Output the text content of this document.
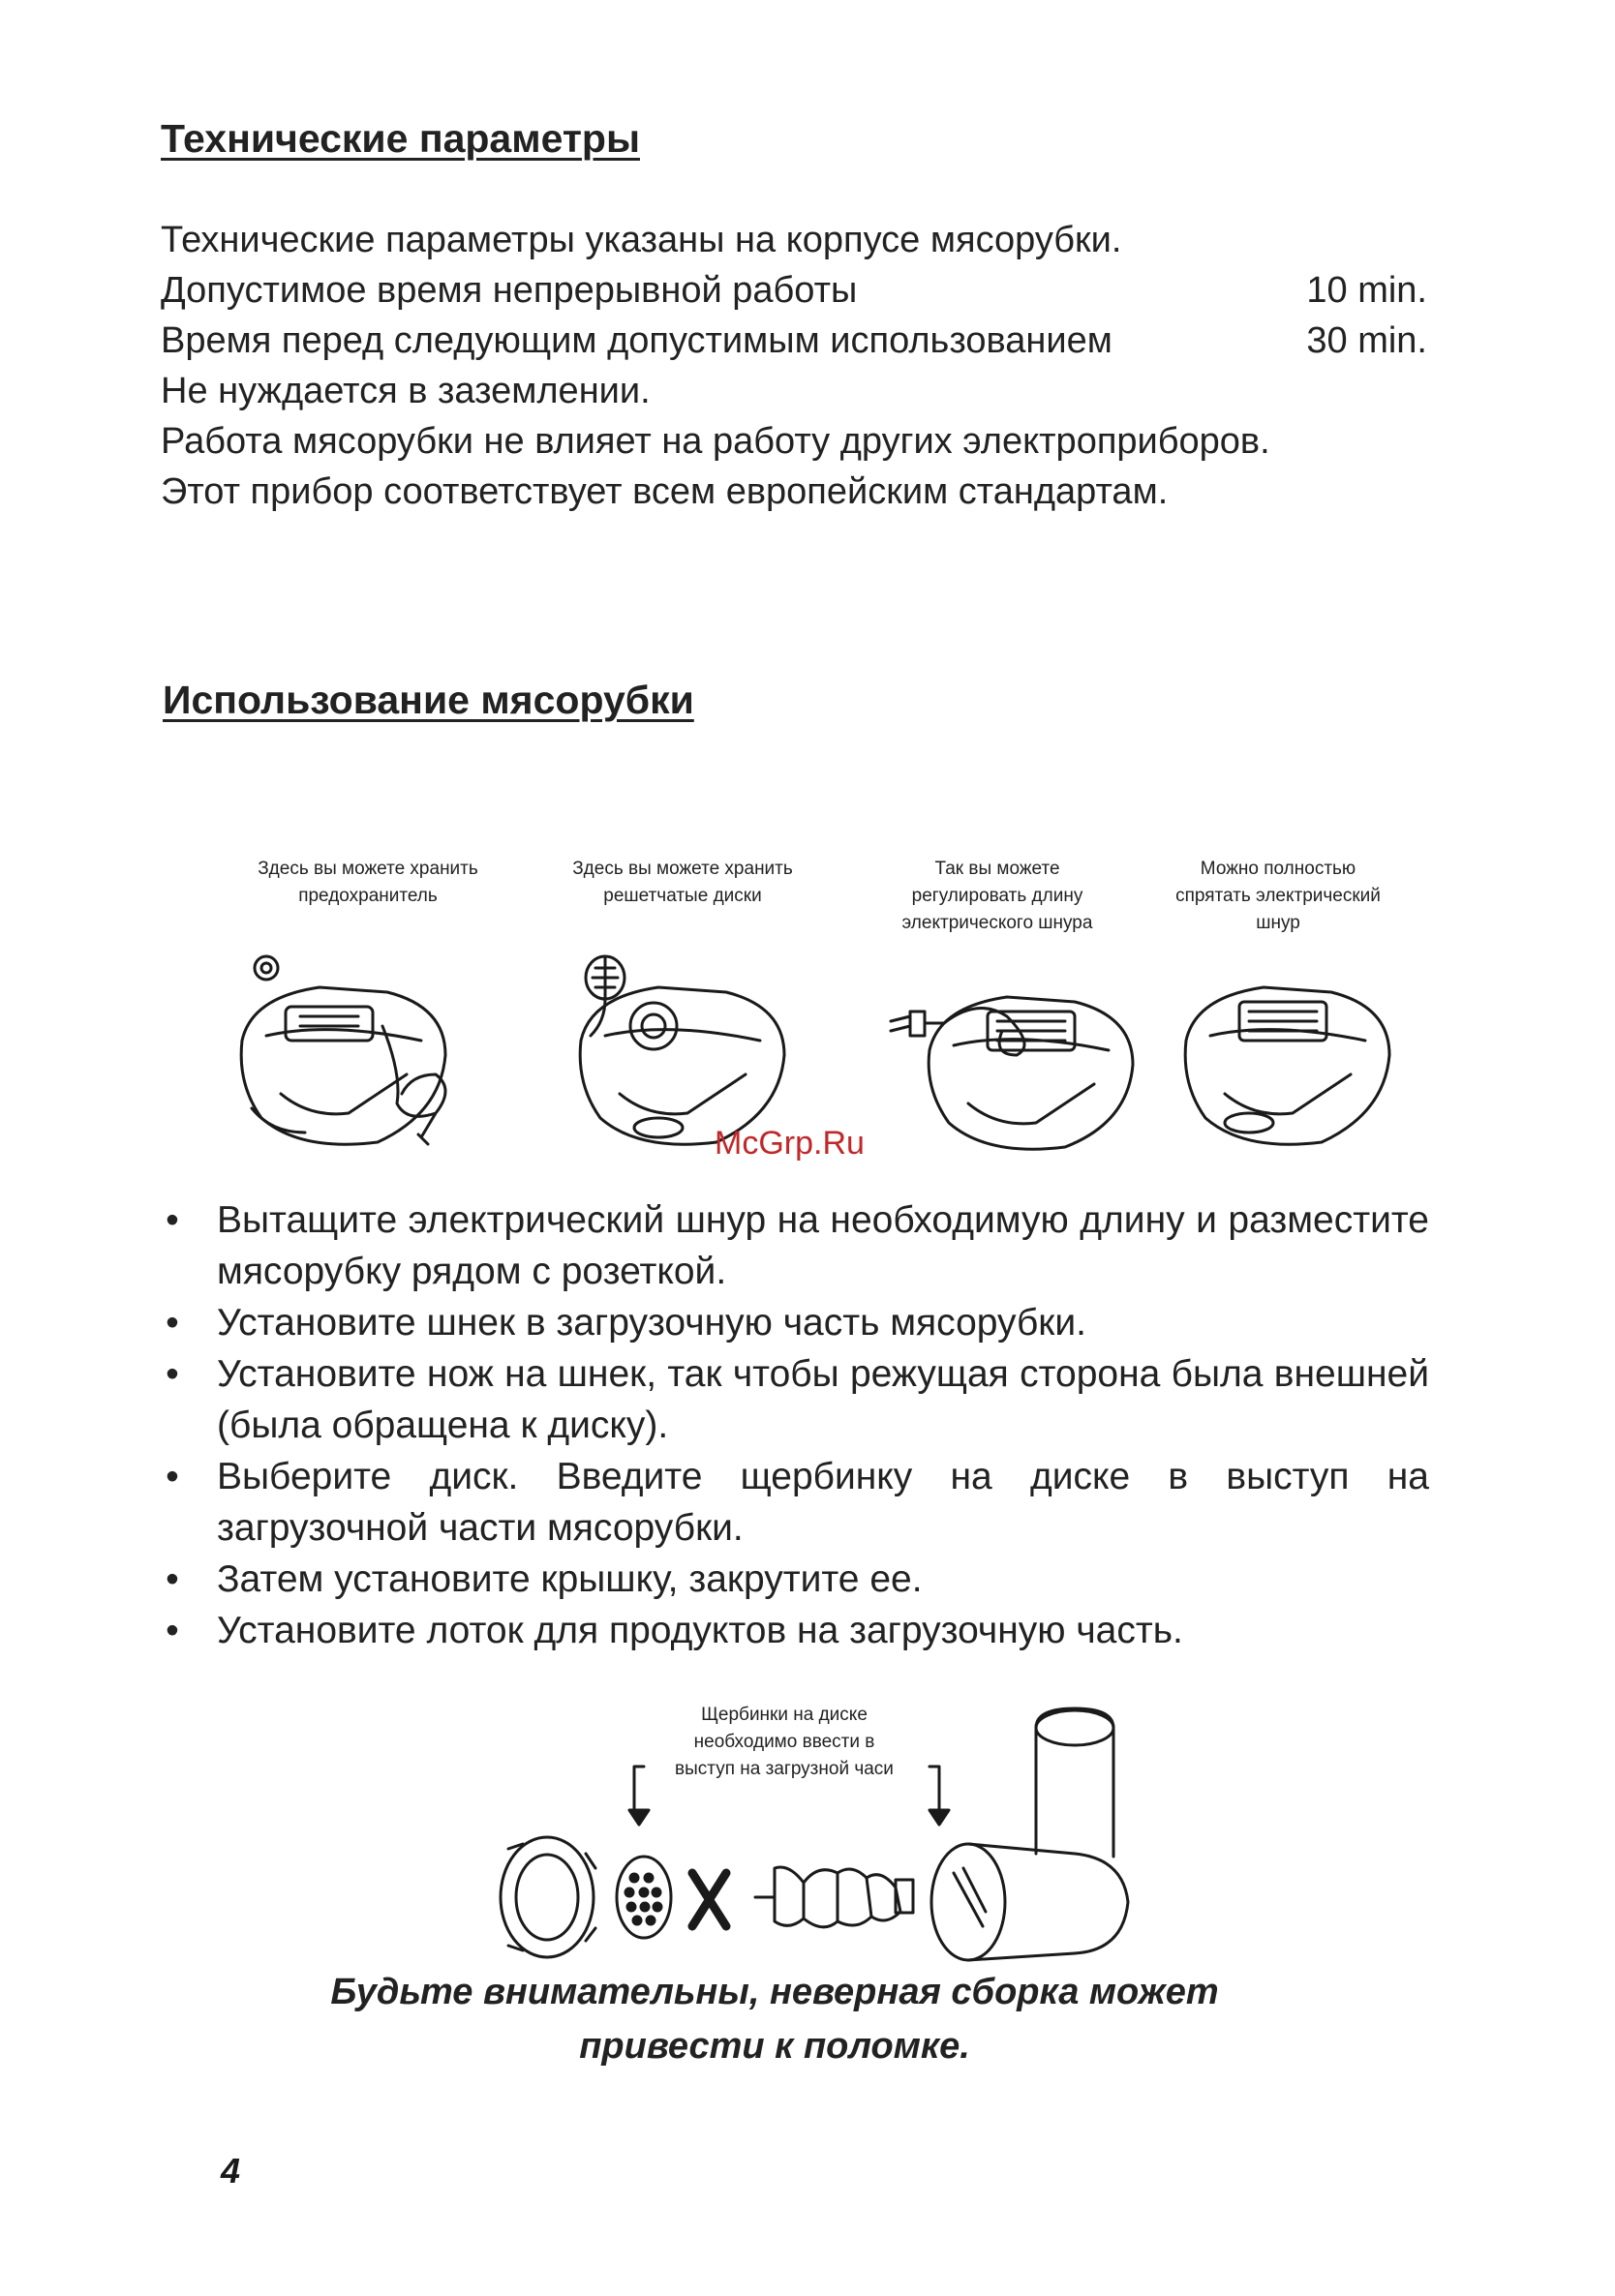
Технические параметры
Технические параметры указаны на корпусе мясорубки.
Допустимое время непрерывной работы	10 min.
Время перед следующим допустимым использованием	30 min.
Не нуждается в заземлении.
Работа мясорубки не влияет на работу других электроприборов.
Этот прибор соответствует всем европейским стандартам.
Использование мясорубки
Здесь вы можете хранить
предохранитель
Здесь вы можете хранить
решетчатые диски
Так вы можете
регулировать длину
электрического шнура
Можно полностью
спрятать электрический
шнур
McGrp.Ru
• Вытащите электрический шнур на необходимую длину и разместите мясорубку рядом с розеткой.
• Установите шнек в загрузочную часть мясорубки.
• Установите нож на шнек, так чтобы режущая сторона была внешней (была обращена к диску).
• Выберите диск. Введите щербинку на диске в выступ на загрузочной части мясорубки.
• Затем установите крышку, закрутите ее.
• Установите лоток для продуктов на загрузочную часть.
Щербинки на диске
необходимо ввести в
выступ на загрузной часи
Будьте внимательны, неверная сборка может
привести к поломке.
4
